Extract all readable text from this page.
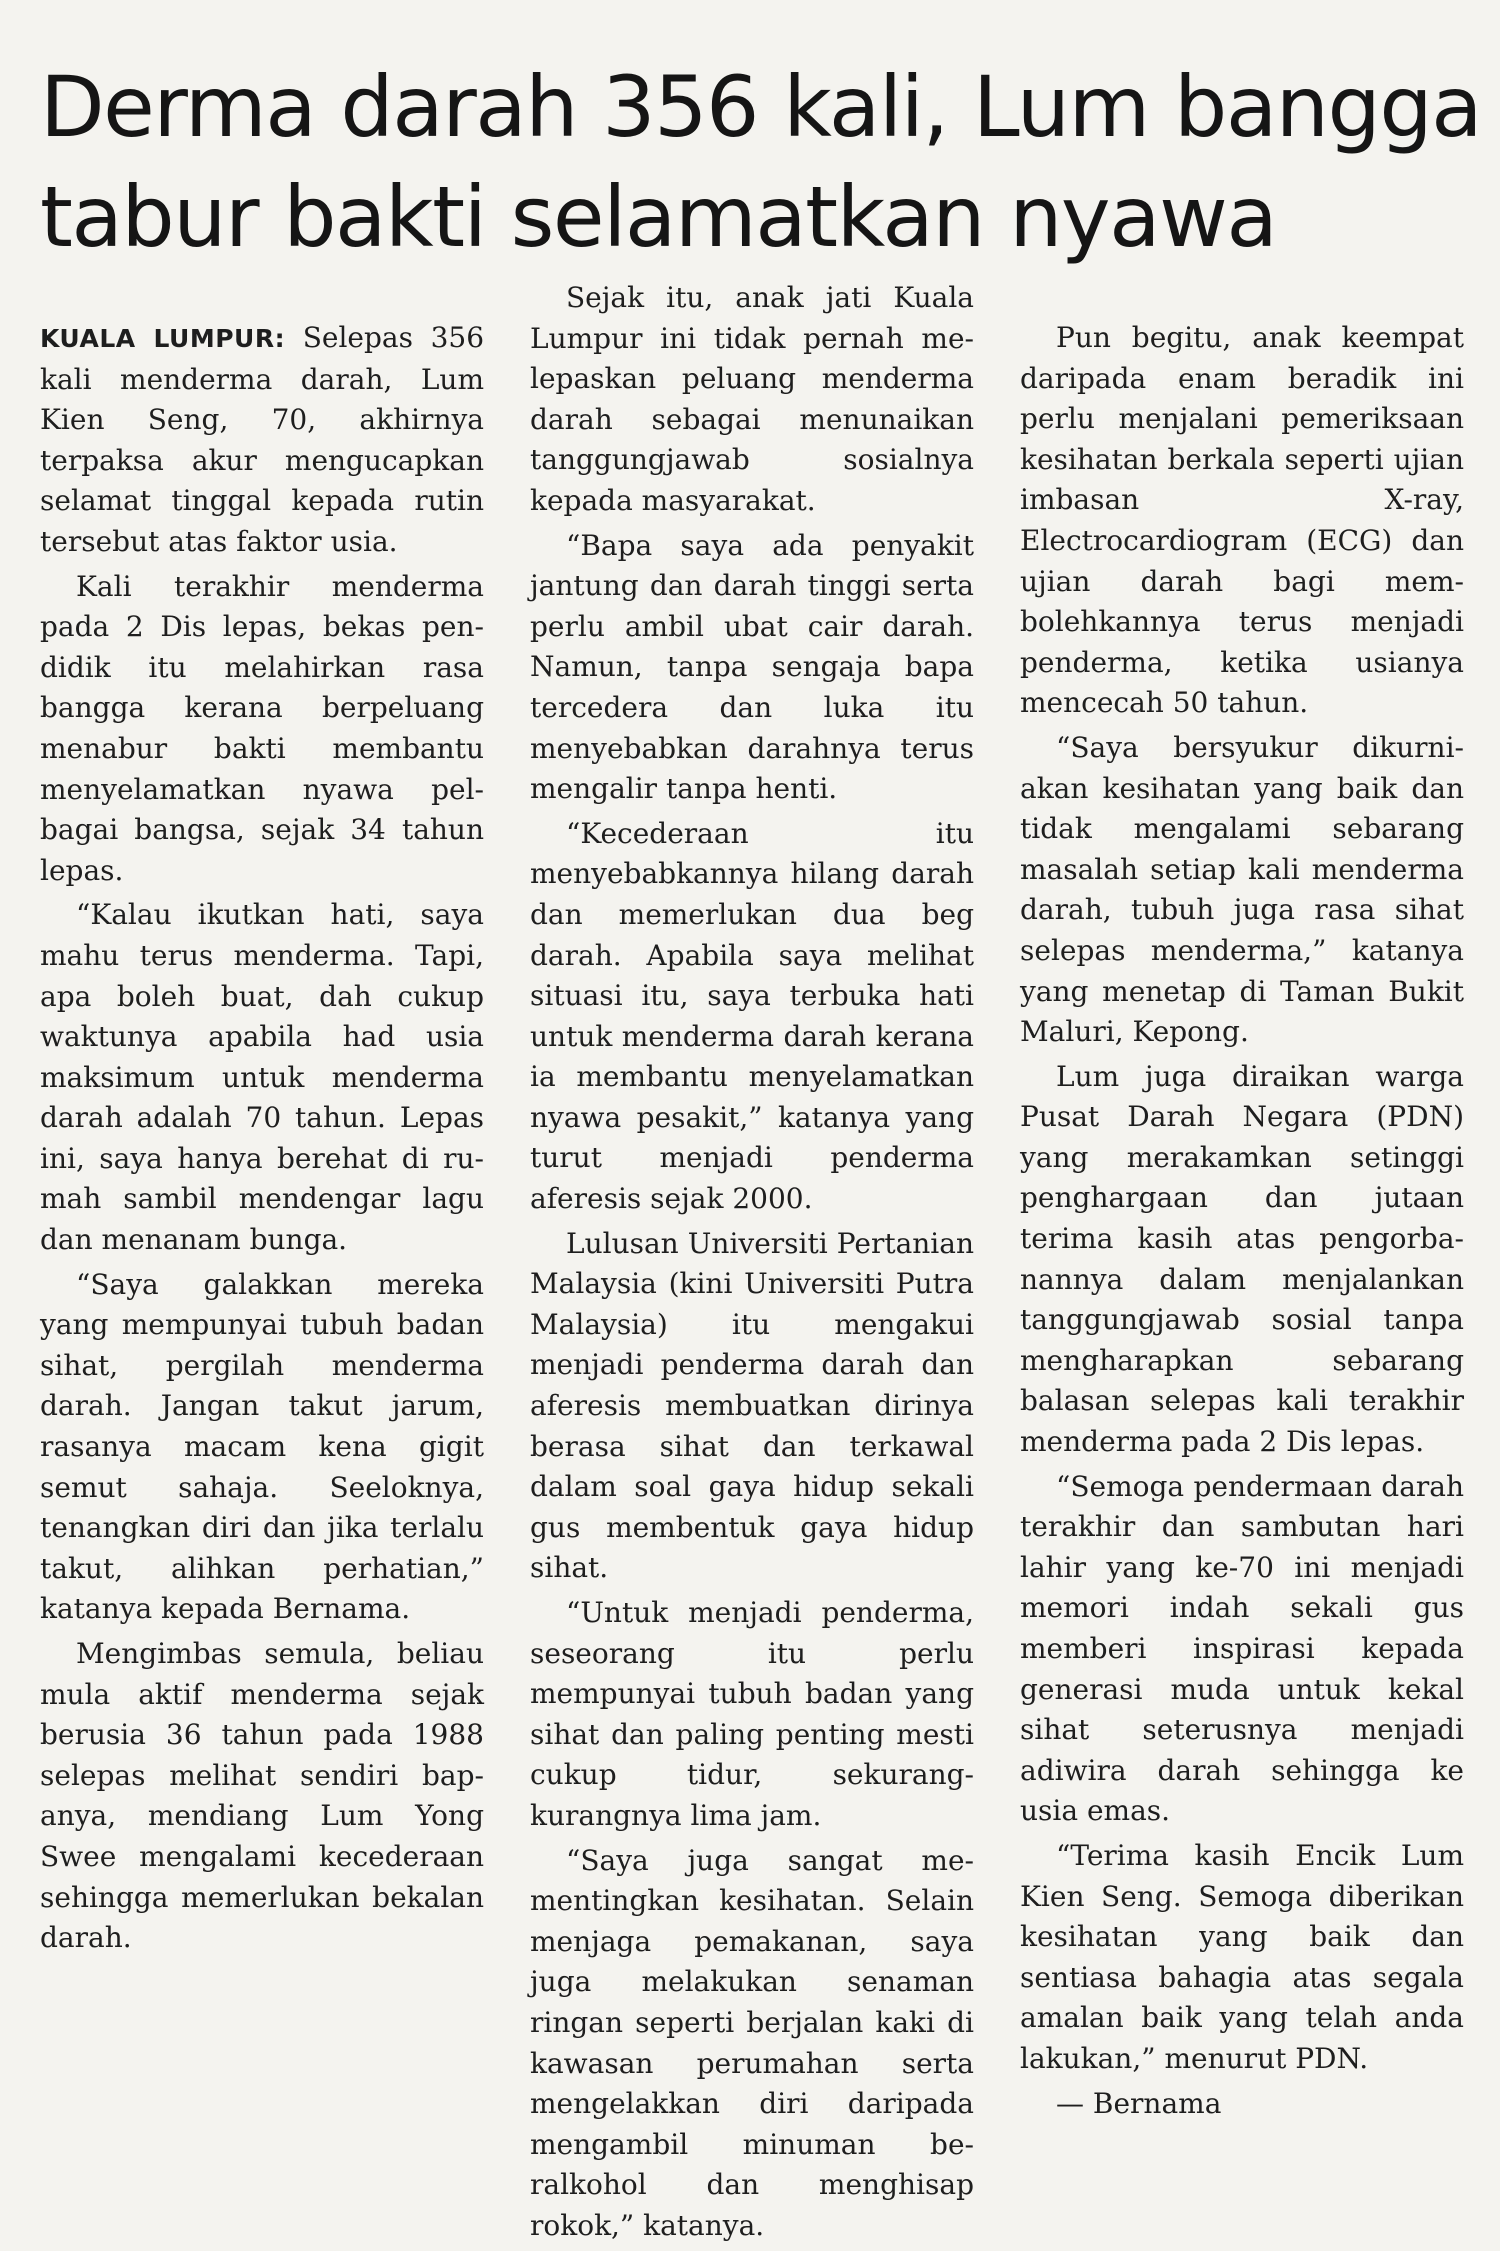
Derma darah 356 kali, Lum bangga
tabur bakti selamatkan nyawa

KUALA LUMPUR: Selepas 356 kali menderma darah, Lum Kien Seng, 70, akhirnya terpaksa akur mengucapkan selamat tinggal kepada rutin tersebut atas faktor usia.

Kali terakhir menderma pada 2 Dis lepas, bekas pendidik itu melahirkan rasa bangga kerana berpeluang menabur bakti membantu menyelamatkan nyawa pelbagai bangsa, sejak 34 tahun lepas.

“Kalau ikutkan hati, saya mahu terus menderma. Tapi, apa boleh buat, dah cukup waktunya apabila had usia maksimum untuk menderma darah adalah 70 tahun. Lepas ini, saya hanya berehat di rumah sambil mendengar lagu dan menanam bunga.

“Saya galakkan mereka yang mempunyai tubuh badan sihat, pergilah menderma darah. Jangan takut jarum, rasanya macam kena gigit semut sahaja. Seeloknya, tenangkan diri dan jika terlalu takut, alihkan perhatian,” katanya kepada Bernama.

Mengimbas semula, beliau mula aktif menderma sejak berusia 36 tahun pada 1988 selepas melihat sendiri bapanya, mendiang Lum Yong Swee mengalami kecederaan sehingga memerlukan bekalan darah.

Sejak itu, anak jati Kuala Lumpur ini tidak pernah melepaskan peluang menderma darah sebagai menunaikan tanggungjawab sosialnya kepada masyarakat.

“Bapa saya ada penyakit jantung dan darah tinggi serta perlu ambil ubat cair darah. Namun, tanpa sengaja bapa tercedera dan luka itu menyebabkan darahnya terus mengalir tanpa henti.

“Kecederaan itu menyebabkannya hilang darah dan memerlukan dua beg darah. Apabila saya melihat situasi itu, saya terbuka hati untuk menderma darah kerana ia membantu menyelamatkan nyawa pesakit,” katanya yang turut menjadi penderma aferesis sejak 2000.

Lulusan Universiti Pertanian Malaysia (kini Universiti Putra Malaysia) itu mengakui menjadi penderma darah dan aferesis membuatkan dirinya berasa sihat dan terkawal dalam soal gaya hidup sekali gus membentuk gaya hidup sihat.

“Untuk menjadi penderma, seseorang itu perlu mempunyai tubuh badan yang sihat dan paling penting mesti cukup tidur, sekurang-kurangnya lima jam.

“Saya juga sangat mementingkan kesihatan. Selain menjaga pemakanan, saya juga melakukan senaman ringan seperti berjalan kaki di kawasan perumahan serta mengelakkan diri daripada mengambil minuman beralkohol dan menghisap rokok,” katanya.

Pun begitu, anak keempat daripada enam beradik ini perlu menjalani pemeriksaan kesihatan berkala seperti ujian imbasan X-ray, Electrocardiogram (ECG) dan ujian darah bagi membolehkannya terus menjadi penderma, ketika usianya mencecah 50 tahun.

“Saya bersyukur dikurniakan kesihatan yang baik dan tidak mengalami sebarang masalah setiap kali menderma darah, tubuh juga rasa sihat selepas menderma,” katanya yang menetap di Taman Bukit Maluri, Kepong.

Lum juga diraikan warga Pusat Darah Negara (PDN) yang merakamkan setinggi penghargaan dan jutaan terima kasih atas pengorbanannya dalam menjalankan tanggungjawab sosial tanpa mengharapkan sebarang balasan selepas kali terakhir menderma pada 2 Dis lepas.

“Semoga pendermaan darah terakhir dan sambutan hari lahir yang ke-70 ini menjadi memori indah sekali gus memberi inspirasi kepada generasi muda untuk kekal sihat seterusnya menjadi adiwira darah sehingga ke usia emas.

“Terima kasih Encik Lum Kien Seng. Semoga diberikan kesihatan yang baik dan sentiasa bahagia atas segala amalan baik yang telah anda lakukan,” menurut PDN.

— Bernama
